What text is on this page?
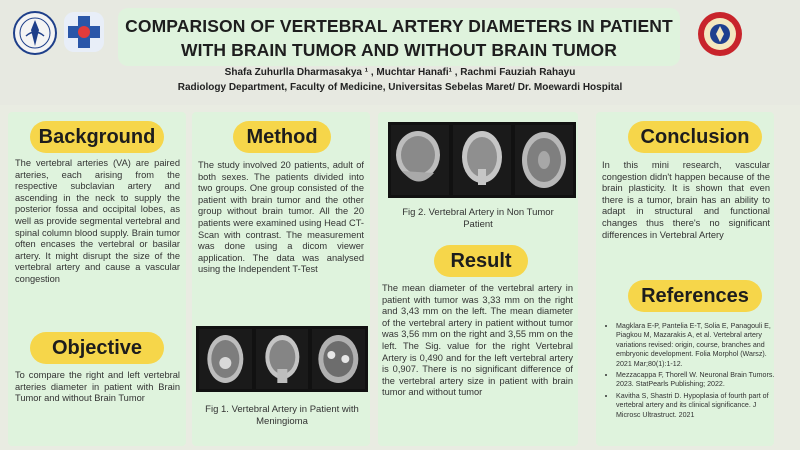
COMPARISON OF VERTEBRAL ARTERY DIAMETERS IN PATIENT
WITH BRAIN TUMOR AND WITHOUT BRAIN TUMOR
Shafa Zuhurlla Dharmasakya ¹ , Muchtar Hanafi¹ , Rachmi Fauziah Rahayu
Radiology Department, Faculty of Medicine, Universitas Sebelas Maret/ Dr. Moewardi Hospital
Background
The vertebral arteries (VA) are paired arteries, each arising from the respective subclavian artery and ascending in the neck to supply the posterior fossa and occipital lobes, as well as provide segmental vertebral and spinal column blood supply. Brain tumor often encases the vertebral or basilar artery. It might disrupt the size of the vertebral artery and cause a vascular congestion
Objective
To compare the right and left vertebral arteries diameter in patient with Brain Tumor and without Brain Tumor
Method
The study involved 20 patients, adult of both sexes. The patients divided into two groups. One group consisted of the patient with brain tumor and the other group without brain tumor. All the 20 patients were examined using Head CT-Scan with contrast. The measurement was done using a dicom viewer application. The data was analysed using the Independent T-Test
Fig 1. Vertebral Artery in Patient with Meningioma
Fig 2. Vertebral Artery in Non Tumor Patient
Result
The mean diameter of the vertebral artery in patient with tumor was 3,33 mm on the right and 3,43 mm on the left. The mean diameter of the vertebral artery in patient without tumor was 3,56 mm on the right and 3,55 mm on the left. The Sig. value for the right Vertebral Artery is 0,490 and for the left vertebral artery is 0,907. There is no significant difference of the vertebral artery size in patient with brain tumor and without tumor
Conclusion
In this mini research, vascular congestion didn't happen because of the brain plasticity. It is shown that even there is a tumor, brain has an ability to adapt in structural and functional changes thus there's no significant differences in Vertebral Artery
References
• Magklara E-P, Panteliа E-T, Solia E, Panagouli E, Piagkou M, Mazarakis A, et al. Vertebral artery variations revised: origin, course, branches and embryonic development. Folia Morphol (Warsz). 2021 Mar;80(1):1-12.
• Mezzacappa F, Thorell W. Neuronal Brain Tumors. 2023. StatPearls Publishing; 2022.
• Kavitha S, Shastri D. Hypoplasia of fourth part of vertebral artery and its clinical significance. J Microsc Ultrastruct. 2021
